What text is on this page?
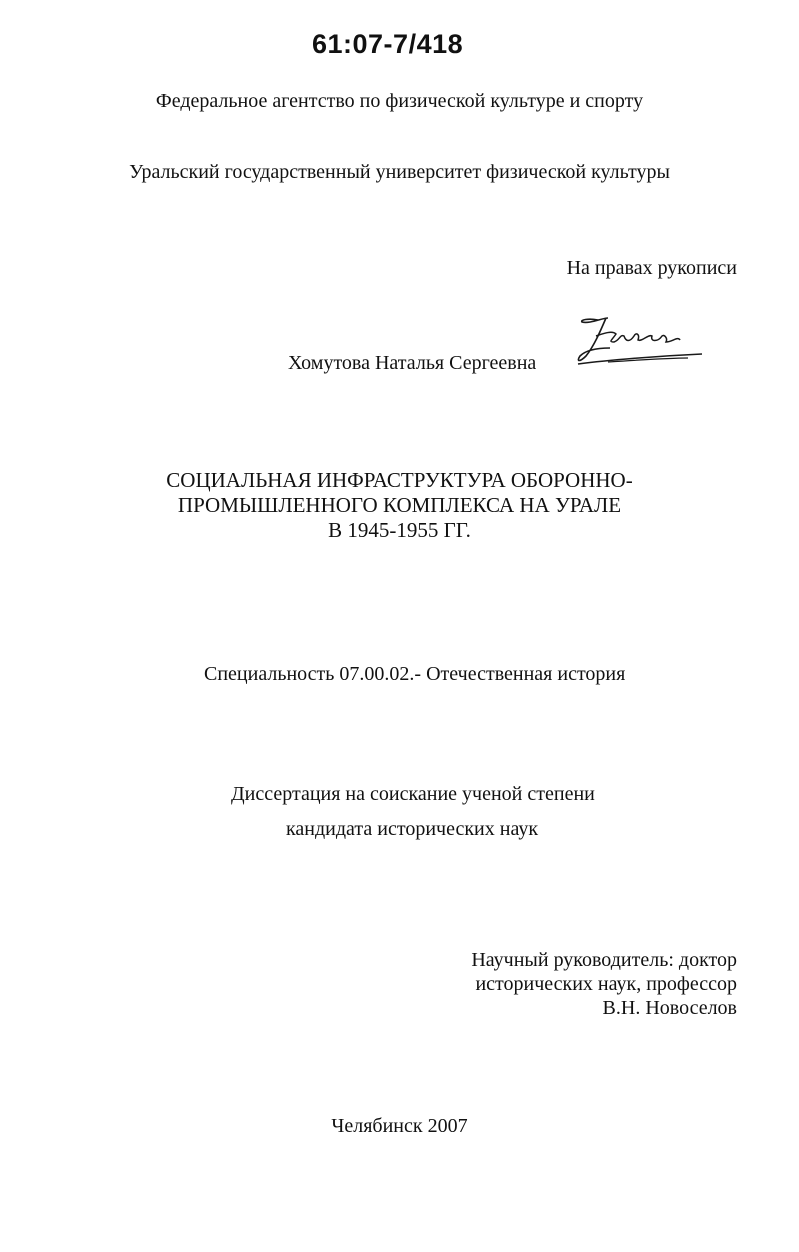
61:07-7/418
Федеральное агентство по физической культуре и спорту
Уральский государственный университет физической культуры
На правах рукописи
Хомутова Наталья Сергеевна
СОЦИАЛЬНАЯ ИНФРАСТРУКТУРА ОБОРОННО-
ПРОМЫШЛЕННОГО КОМПЛЕКСА НА УРАЛЕ
В 1945-1955 ГГ.
Специальность 07.00.02.- Отечественная история
Диссертация на соискание ученой степени
кандидата исторических наук
Научный руководитель: доктор
исторических наук, профессор
В.Н. Новоселов
Челябинск 2007
